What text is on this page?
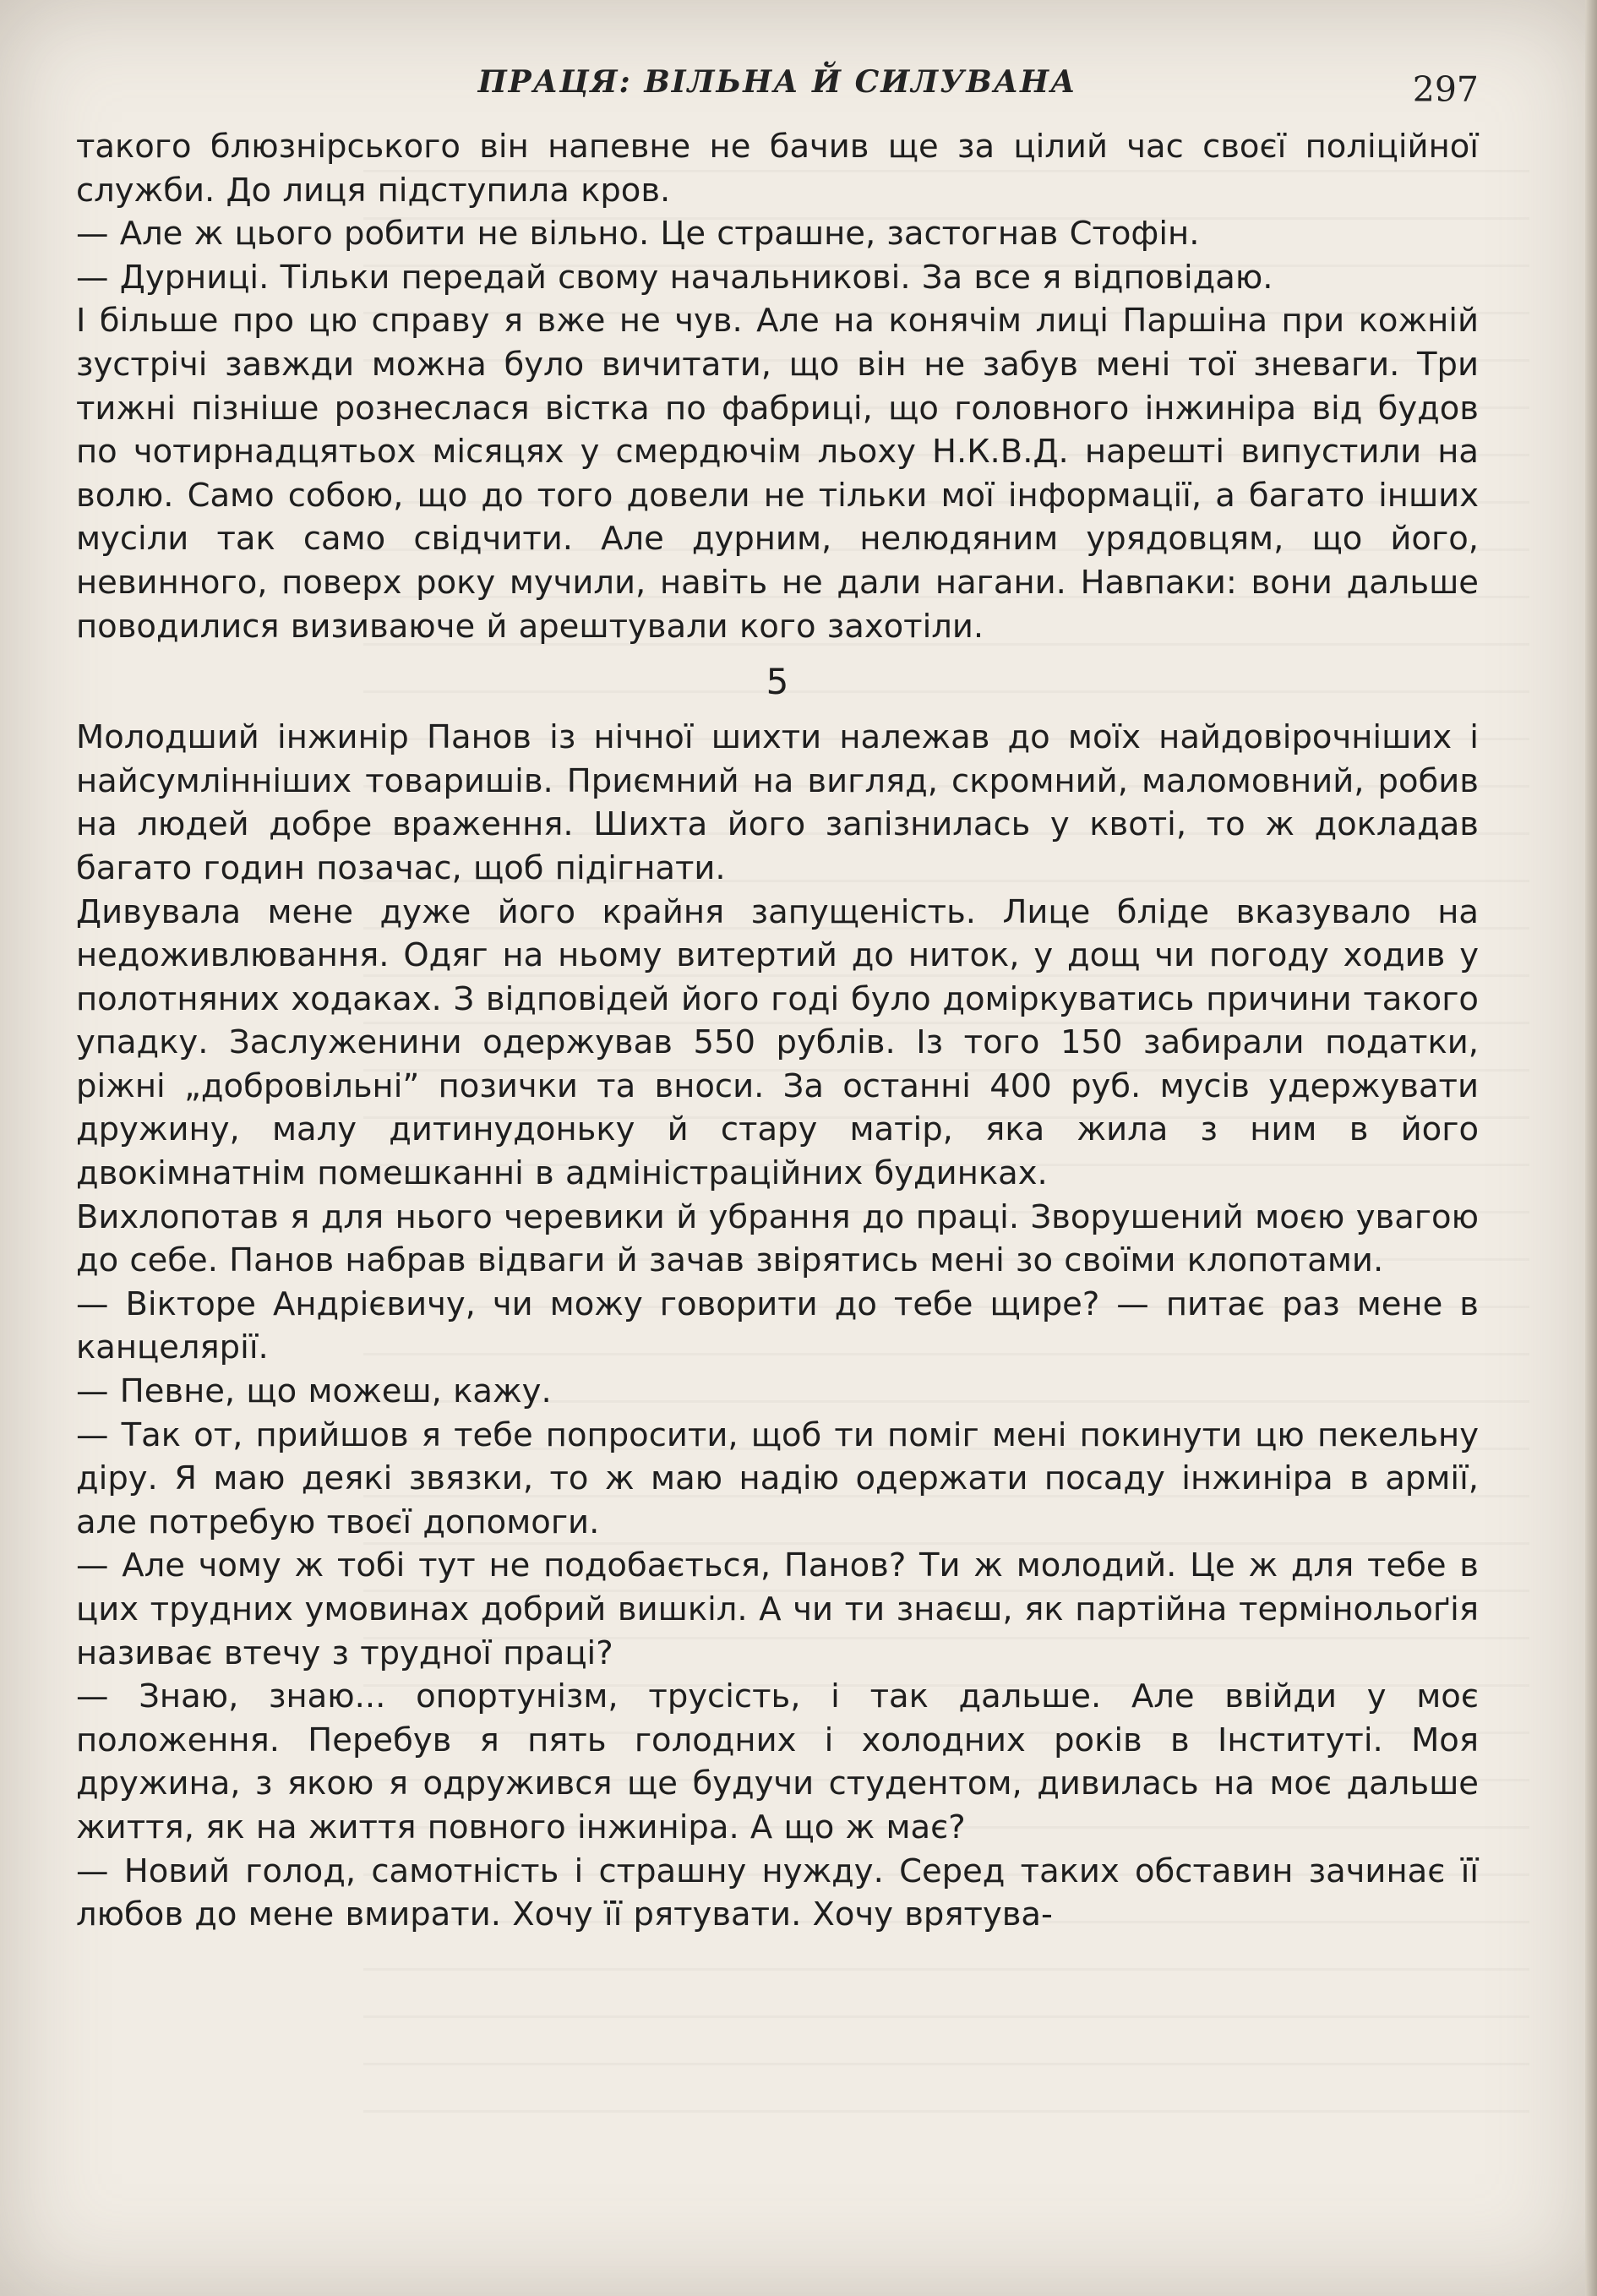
ПРАЦЯ: ВІЛЬНА Й СИЛУВАНА	297

такого блюзнірського він напевне не бачив ще за цілий час своєї поліційної служби. До лиця підступила кров.

— Але ж цього робити не вільно. Це страшне, застогнав Стофін.

— Дурниці. Тільки передай свому начальникові. За все я відповідаю.

І більше про цю справу я вже не чув. Але на конячім лиці Паршіна при кожній зустрічі завжди можна було вичитати, що він не забув мені тої зневаги. Три тижні пізніше рознеслася вістка по фабриці, що головного інжиніра від будов по чотирнадцятьох місяцях у смердючім льоху Н.К.В.Д. нарешті випустили на волю. Само собою, що до того довели не тільки мої інформації, а багато інших мусіли так само свідчити. Але дурним, нелюдяним урядовцям, що його, невинного, поверх року мучили, навіть не дали нагани. Навпаки: вони дальше поводилися визиваюче й арештували кого захотіли.

5

Молодший інжинір Панов із нічної шихти належав до моїх найдовірочніших і найсумлінніших товаришів. Приємний на вигляд, скромний, маломовний, робив на людей добре враження. Шихта його запізнилась у квоті, то ж докладав багато годин позачас, щоб підігнати.

Дивувала мене дуже його крайня запущеність. Лице бліде вказувало на недоживлювання. Одяг на ньому витертий до ниток, у дощ чи погоду ходив у полотняних ходаках. З відповідей його годі було доміркуватись причини такого упадку. Заслуженини одержував 550 рублів. Із того 150 забирали податки, ріжні „добровільні” позички та вноси. За останні 400 руб. мусів удержувати дружину, малу дитинудоньку й стару матір, яка жила з ним в його двокімнатнім помешканні в адміністраційних будинках.

Вихлопотав я для нього черевики й убрання до праці. Зворушений моєю увагою до себе. Панов набрав відваги й зачав звірятись мені зо своїми клопотами.

— Вікторе Андрієвичу, чи можу говорити до тебе щире? — питає раз мене в канцелярії.

— Певне, що можеш, кажу.

— Так от, прийшов я тебе попросити, щоб ти поміг мені покинути цю пекельну діру. Я маю деякі звязки, то ж маю надію одержати посаду інжиніра в армії, але потребую твоєї допомоги.

— Але чому ж тобі тут не подобається, Панов? Ти ж молодий. Це ж для тебе в цих трудних умовинах добрий вишкіл. А чи ти знаєш, як партійна термінольоґія називає втечу з трудної праці?

— Знаю, знаю... опортунізм, трусість, і так дальше. Але ввійди у моє положення. Перебув я пять голодних і холодних років в Інституті. Моя дружина, з якою я одружився ще будучи студентом, дивилась на моє дальше життя, як на життя повного інжиніра. А що ж має?

— Новий голод, самотність і страшну нужду. Серед таких обставин зачинає її любов до мене вмирати. Хочу її рятувати. Хочу врятува-
